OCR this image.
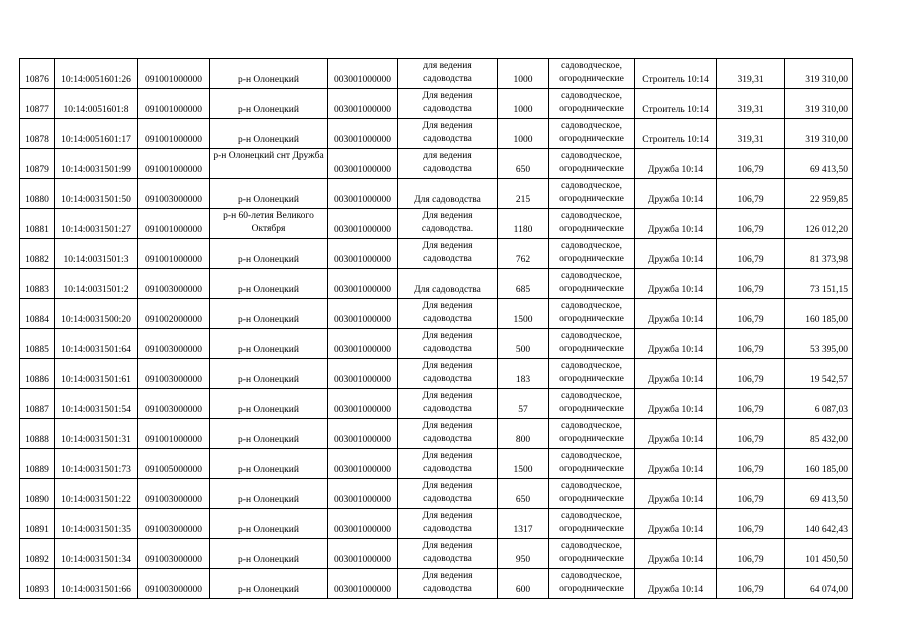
10876	10:14:0051601:26	091001000000	р-н Олонецкий	003001000000	для ведения садоводства	1000	садоводческое, огороднические	Строитель 10:14	319,31	319 310,00
10877	10:14:0051601:8	091001000000	р-н Олонецкий	003001000000	Для ведения садоводства	1000	садоводческое, огороднические	Строитель 10:14	319,31	319 310,00
10878	10:14:0051601:17	091001000000	р-н Олонецкий	003001000000	Для ведения садоводства	1000	садоводческое, огороднические	Строитель 10:14	319,31	319 310,00
10879	10:14:0031501:99	091001000000	р-н Олонецкий снт Дружба	003001000000	для ведения садоводства	650	садоводческое, огороднические	Дружба 10:14	106,79	69 413,50
10880	10:14:0031501:50	091003000000	р-н Олонецкий	003001000000	Для садоводства	215	садоводческое, огороднические	Дружба 10:14	106,79	22 959,85
10881	10:14:0031501:27	091001000000	р-н 60-летия Великого Октября	003001000000	Для ведения садоводства.	1180	садоводческое, огороднические	Дружба 10:14	106,79	126 012,20
10882	10:14:0031501:3	091001000000	р-н Олонецкий	003001000000	Для ведения садоводства	762	садоводческое, огороднические	Дружба 10:14	106,79	81 373,98
10883	10:14:0031501:2	091003000000	р-н Олонецкий	003001000000	Для садоводства	685	садоводческое, огороднические	Дружба 10:14	106,79	73 151,15
10884	10:14:0031500:20	091002000000	р-н Олонецкий	003001000000	Для ведения садоводства	1500	садоводческое, огороднические	Дружба 10:14	106,79	160 185,00
10885	10:14:0031501:64	091003000000	р-н Олонецкий	003001000000	Для ведения садоводства	500	садоводческое, огороднические	Дружба 10:14	106,79	53 395,00
10886	10:14:0031501:61	091003000000	р-н Олонецкий	003001000000	Для ведения садоводства	183	садоводческое, огороднические	Дружба 10:14	106,79	19 542,57
10887	10:14:0031501:54	091003000000	р-н Олонецкий	003001000000	Для ведения садоводства	57	садоводческое, огороднические	Дружба 10:14	106,79	6 087,03
10888	10:14:0031501:31	091001000000	р-н Олонецкий	003001000000	Для ведения садоводства	800	садоводческое, огороднические	Дружба 10:14	106,79	85 432,00
10889	10:14:0031501:73	091005000000	р-н Олонецкий	003001000000	Для ведения садоводства	1500	садоводческое, огороднические	Дружба 10:14	106,79	160 185,00
10890	10:14:0031501:22	091003000000	р-н Олонецкий	003001000000	Для ведения садоводства	650	садоводческое, огороднические	Дружба 10:14	106,79	69 413,50
10891	10:14:0031501:35	091003000000	р-н Олонецкий	003001000000	Для ведения садоводства	1317	садоводческое, огороднические	Дружба 10:14	106,79	140 642,43
10892	10:14:0031501:34	091003000000	р-н Олонецкий	003001000000	Для ведения садоводства	950	садоводческое, огороднические	Дружба 10:14	106,79	101 450,50
10893	10:14:0031501:66	091003000000	р-н Олонецкий	003001000000	Для ведения садоводства	600	садоводческое, огороднические	Дружба 10:14	106,79	64 074,00
